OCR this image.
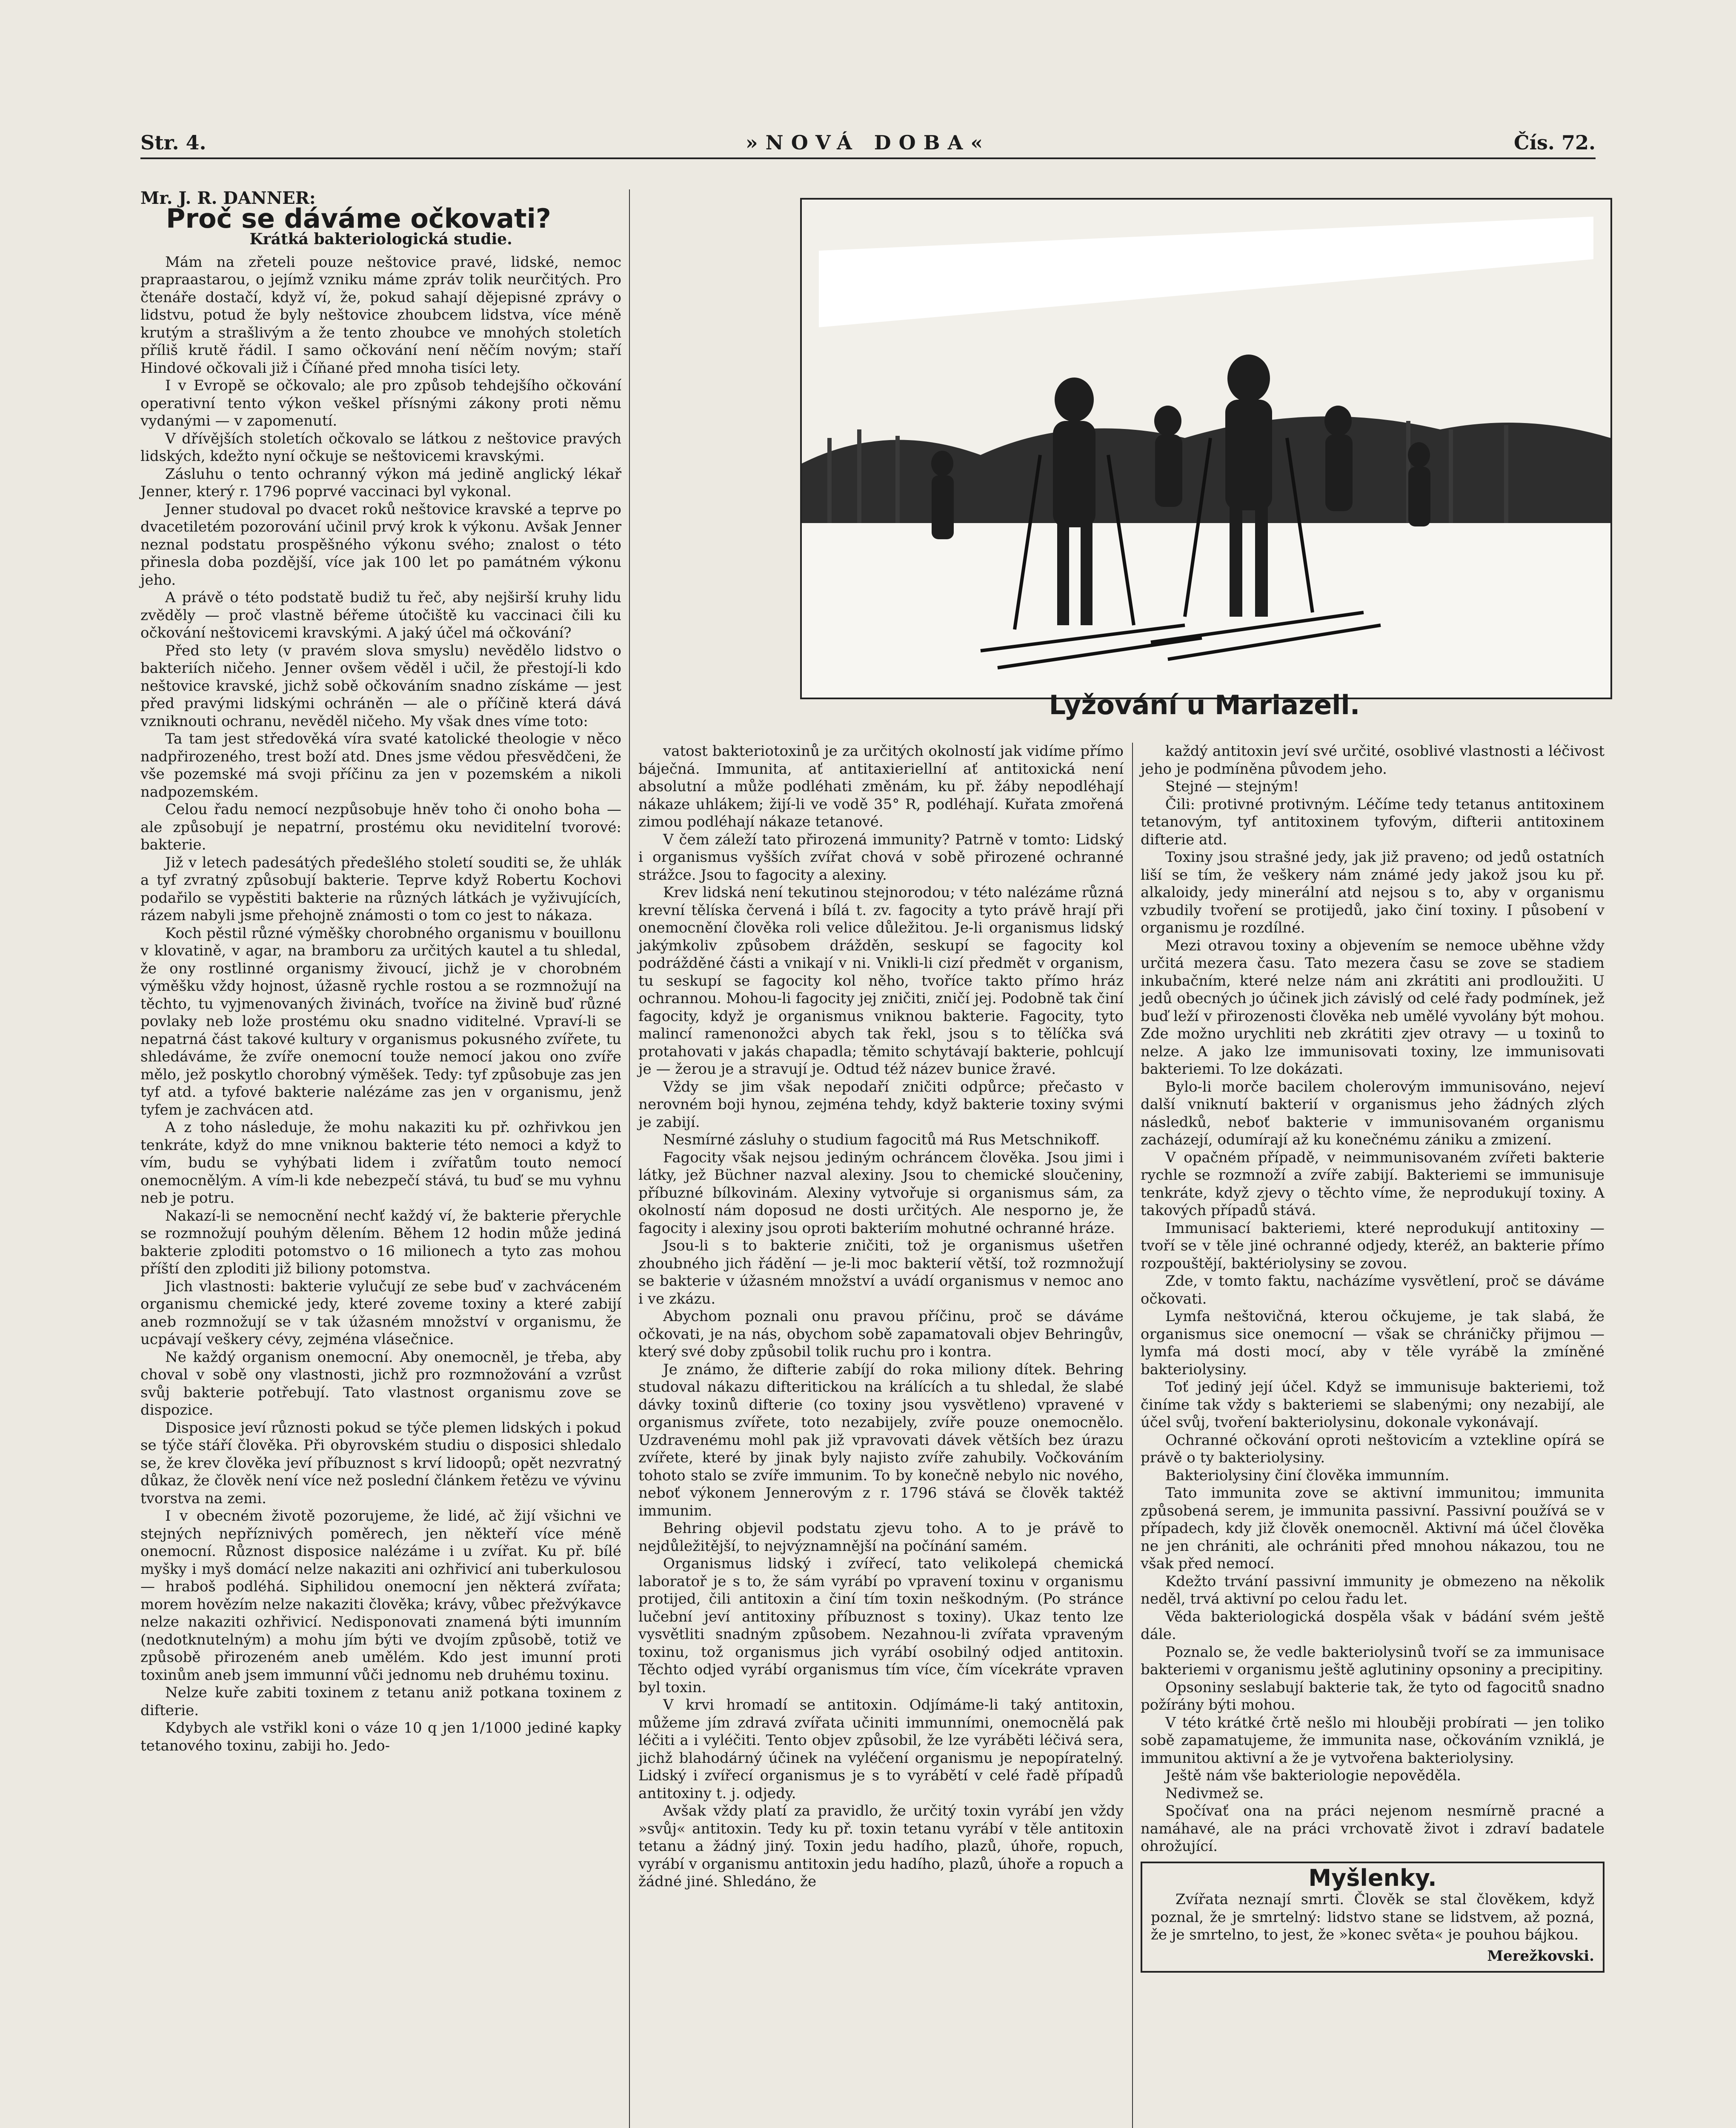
Str. 4.	»NOVÁ DOBA«	Čís. 72.
Mr. J. R. DANNER:
Proč se dáváme očkovati?
Krátká bakteriologická studie.

Mám na zřeteli pouze neštovice pravé, lidské, nemoc prapraastarou, o jejímž vzniku máme zpráv tolik neurčitých. Pro čtenáře dostačí, když ví, že, pokud sahají dějepisné zprávy o lidstvu, potud že byly neštovice zhoubcem lidstva, více méně krutým a strašlivým a že tento zhoubce ve mnohých stoletích příliš krutě řádil. I samo očkování není něčím novým; staří Hindové očkovali již i Číňané před mnoha tisíci lety.

I v Evropě se očkovalo; ale pro způsob tehdejšího očkování operativní tento výkon veškel přísnými zákony proti němu vydanými — v zapomenutí.

V dřívějších stoletích očkovalo se látkou z neštovice pravých lidských, kdežto nyní očkuje se neštovicemi kravskými.

Zásluhu o tento ochranný výkon má jedině anglický lékař Jenner, který r. 1796 poprvé vaccinaci byl vykonal.

Jenner studoval po dvacet roků neštovice kravské a teprve po dvacetiletém pozorování učinil prvý krok k výkonu. Avšak Jenner neznal podstatu prospěšného výkonu svého; znalost o této přinesla doba pozdější, více jak 100 let po památném výkonu jeho.

A právě o této podstatě budiž tu řeč, aby nejširší kruhy lidu zvěděly — proč vlastně béřeme útočiště ku vaccinaci čili ku očkování neštovicemi kravskými. A jaký účel má očkování?

Před sto lety (v pravém slova smyslu) nevědělo lidstvo o bakteriích ničeho. Jenner ovšem věděl i učil, že přestojí-li kdo neštovice kravské, jichž sobě očkováním snadno získáme — jest před pravými lidskými ochráněn — ale o příčině která dává vzniknouti ochranu, nevěděl ničeho. My však dnes víme toto:

Ta tam jest středověká víra svaté katolické theologie v něco nadpřirozeného, trest boží atd. Dnes jsme vědou přesvědčeni, že vše pozemské má svoji příčinu za jen v pozemském a nikoli nadpozemském.

Celou řadu nemocí nezpůsobuje hněv toho či onoho boha — ale způsobují je nepatrní, prostému oku neviditelní tvorové: bakterie.

Již v letech padesátých předešlého století souditi se, že uhlák a tyf zvratný způsobují bakterie. Teprve když Robertu Kochovi podařilo se vypěstiti bakterie na různých látkách je vyživujících, rázem nabyli jsme přehojně známosti o tom co jest to nákaza.

Koch pěstil různé výměšky chorobného organismu v bouillonu v klovatině, v agar, na bramboru za určitých kautel a tu shledal, že ony rostlinné organismy živoucí, jichž je v chorobném výměšku vždy hojnost, úžasně rychle rostou a se rozmnožují na těchto, tu vyjmenovaných živinách, tvoříce na živině buď různé povlaky neb lože prostému oku snadno viditelné. Vpraví-li se nepatrná část takové kultury v organismus pokusného zvířete, tu shledáváme, že zvíře onemocní touže nemocí jakou ono zvíře mělo, jež poskytlo chorobný výměšek. Tedy: tyf způsobuje zas jen tyf atd. a tyfové bakterie nalézáme zas jen v organismu, jenž tyfem je zachvácen atd.

A z toho následuje, že mohu nakaziti ku př. ozhřivkou jen tenkráte, když do mne vniknou bakterie této nemoci a když to vím, budu se vyhýbati lidem i zvířatům touto nemocí onemocnělým. A vím-li kde nebezpečí stává, tu buď se mu vyhnu neb je potru.

Nakazí-li se nemocnění nechť každý ví, že bakterie přerychle se rozmnožují pouhým dělením. Během 12 hodin může jediná bakterie zploditi potomstvo o 16 milionech a tyto zas mohou příští den zploditi již biliony potomstva.

Jich vlastnosti: bakterie vylučují ze sebe buď v zachváceném organismu chemické jedy, které zoveme toxiny a které zabijí aneb rozmnožují se v tak úžasném množství v organismu, že ucpávají veškery cévy, zejména vlásečnice.

Ne každý organism onemocní. Aby onemocněl, je třeba, aby choval v sobě ony vlastnosti, jichž pro rozmnožování a vzrůst svůj bakterie potřebují. Tato vlastnost organismu zove se dispozice.

Disposice jeví různosti pokud se týče plemen lidských i pokud se týče stáří člověka. Při obyrovském studiu o disposici shledalo se, že krev člověka jeví příbuznost s krví lidoopů; opět nezvratný důkaz, že člověk není více než poslední článkem řetězu ve vývinu tvorstva na zemi.

I v obecném životě pozorujeme, že lidé, ač žijí všichni ve stejných nepříznivých poměrech, jen někteří více méně onemocní. Různost disposice nalézáme i u zvířat. Ku př. bílé myšky i myš domácí nelze nakaziti ani ozhřivicí ani tuberkulosou — hraboš podléhá. Siphilidou onemocní jen některá zvířata; morem hovězím nelze nakaziti člověka; krávy, vůbec přežvýkavce nelze nakaziti ozhřivicí. Nedisponovati znamená býti imunním (nedotknutelným) a mohu jím býti ve dvojím způsobě, totiž ve způsobě přirozeném aneb umělém. Kdo jest imunní proti toxinům aneb jsem immunní vůči jednomu neb druhému toxinu.

Nelze kuře zabiti toxinem z tetanu aniž potkana toxinem z difterie.

Kdybych ale vstřikl koni o váze 10 q jen 1/1000 jediné kapky tetanového toxinu, zabiji ho. Jedo-

Lyžování u Mariazell.

vatost bakteriotoxinů je za určitých okolností jak vidíme přímo báječná. Immunita, ať antitaxieriellní ať antitoxická není absolutní a může podléhati změnám, ku př. žáby nepodléhají nákaze uhlákem; žijí-li ve vodě 35° R, podléhají. Kuřata zmořená zimou podléhají nákaze tetanové.

V čem záleží tato přirozená immunity? Patrně v tomto: Lidský i organismus vyšších zvířat chová v sobě přirozené ochranné strážce. Jsou to fagocity a alexiny.

Krev lidská není tekutinou stejnorodou; v této nalézáme různá krevní tělíska červená i bílá t. zv. fagocity a tyto právě hrají při onemocnění člověka roli velice důležitou. Je-li organismus lidský jakýmkoliv způsobem drážděn, seskupí se fagocity kol podrážděné části a vnikají v ni. Vnikli-li cizí předmět v organism, tu seskupí se fagocity kol něho, tvoříce takto přímo hráz ochrannou. Mohou-li fagocity jej zničiti, zničí jej. Podobně tak činí fagocity, když je organismus vniknou bakterie. Fagocity, tyto malincí ramenonožci abych tak řekl, jsou s to tělíčka svá protahovati v jakás chapadla; těmito schytávají bakterie, pohlcují je — žerou je a stravují je. Odtud též název bunice žravé.

Vždy se jim však nepodaří zničiti odpůrce; přečasto v nerovném boji hynou, zejména tehdy, když bakterie toxiny svými je zabijí.

Nesmírné zásluhy o studium fagocitů má Rus Metschnikoff.

Fagocity však nejsou jediným ochráncem člověka. Jsou jimi i látky, jež Büchner nazval alexiny. Jsou to chemické sloučeniny, příbuzné bílkovinám. Alexiny vytvořuje si organismus sám, za okolností nám doposud ne dosti určitých. Ale nesporno je, že fagocity i alexiny jsou oproti bakteriím mohutné ochranné hráze.

Jsou-li s to bakterie zničiti, tož je organismus ušetřen zhoubného jich řádění — je-li moc bakterií větší, tož rozmnožují se bakterie v úžasném množství a uvádí organismus v nemoc ano i ve zkázu.

Abychom poznali onu pravou příčinu, proč se dáváme očkovati, je na nás, obychom sobě zapamatovali objev Behringův, který své doby způsobil tolik ruchu pro i kontra.

Je známo, že difterie zabíjí do roka miliony dítek. Behring studoval nákazu difteritickou na králících a tu shledal, že slabé dávky toxinů difterie (co toxiny jsou vysvětleno) vpravené v organismus zvířete, toto nezabijely, zvíře pouze onemocnělo. Uzdravenému mohl pak již vpravovati dávek větších bez úrazu zvířete, které by jinak byly najisto zvíře zahubily. Vočkováním tohoto stalo se zvíře immunim. To by konečně nebylo nic nového, neboť výkonem Jennerovým z r. 1796 stává se člověk taktéž immunim.

Behring objevil podstatu zjevu toho. A to je právě to nejdůležitější, to nejvýznamnější na počínání samém.

Organismus lidský i zvířecí, tato velikolepá chemická laboratoř je s to, že sám vyrábí po vpravení toxinu v organismu protijed, čili antitoxin a činí tím toxin neškodným. (Po stránce lučební jeví antitoxiny příbuznost s toxiny). Ukaz tento lze vysvětliti snadným způsobem. Nezahnou-li zvířata vpraveným toxinu, tož organismus jich vyrábí osobilný odjed antitoxin. Těchto odjed vyrábí organismus tím více, čím vícekráte vpraven byl toxin.

V krvi hromadí se antitoxin. Odjímáme-li taký antitoxin, můžeme jím zdravá zvířata učiniti immunními, onemocnělá pak léčiti a i vyléčiti. Tento objev způsobil, že lze vyráběti léčivá sera, jichž blahodárný účinek na vyléčení organismu je nepopíratelný. Lidský i zvířecí organismus je s to vyrábětí v celé řadě případů antitoxiny t. j. odjedy.

Avšak vždy platí za pravidlo, že určitý toxin vyrábí jen vždy »svůj« antitoxin. Tedy ku př. toxin tetanu vyrábí v těle antitoxin tetanu a žádný jiný. Toxin jedu hadího, plazů, úhoře, ropuch, vyrábí v organismu antitoxin jedu hadího, plazů, úhoře a ropuch a žádné jiné. Shledáno, že

každý antitoxin jeví své určité, osoblivé vlastnosti a léčivost jeho je podmíněna původem jeho.

Stejné — stejným!

Čili: protivné protivným. Léčíme tedy tetanus antitoxinem tetanovým, tyf antitoxinem tyfovým, difterii antitoxinem difterie atd.

Toxiny jsou strašné jedy, jak již praveno; od jedů ostatních liší se tím, že veškery nám známé jedy jakož jsou ku př. alkaloidy, jedy minerální atd nejsou s to, aby v organismu vzbudily tvoření se protijedů, jako činí toxiny. I působení v organismu je rozdílné.

Mezi otravou toxiny a objevením se nemoce uběhne vždy určitá mezera času. Tato mezera času se zove se stadiem inkubačním, které nelze nám ani zkrátiti ani prodloužiti. U jedů obecných jo účinek jich závislý od celé řady podmínek, jež buď leží v přirozenosti člověka neb umělé vyvolány být mohou. Zde možno urychliti neb zkrátiti zjev otravy — u toxinů to nelze. A jako lze immunisovati toxiny, lze immunisovati bakteriemi. To lze dokázati.

Bylo-li morče bacilem cholerovým immunisováno, nejeví další vniknutí bakterií v organismus jeho žádných zlých následků, neboť bakterie v immunisovaném organismu zacházejí, odumírají až ku konečnému zániku a zmizení.

V opačném případě, v neimmunisovaném zvířeti bakterie rychle se rozmnoží a zvíře zabijí. Bakteriemi se immunisuje tenkráte, když zjevy o těchto víme, že neprodukují toxiny. A takových případů stává.

Immunisací bakteriemi, které neprodukují antitoxiny — tvoří se v těle jiné ochranné odjedy, kteréž, an bakterie přímo rozpouštějí, baktériolysiny se zovou.

Zde, v tomto faktu, nacházíme vysvětlení, proč se dáváme očkovati.

Lymfa neštovičná, kterou očkujeme, je tak slabá, že organismus sice onemocní — však se chráničky přijmou — lymfa má dosti mocí, aby v těle vyrábě la zmíněné bakteriolysiny.

Toť jediný její účel. Když se immunisuje bakteriemi, tož činíme tak vždy s bakteriemi se slabenými; ony nezabijí, ale účel svůj, tvoření bakteriolysinu, dokonale vykonávají.

Ochranné očkování oproti neštovicím a vztekline opírá se právě o ty bakteriolysiny.

Bakteriolysiny činí člověka immunním.

Tato immunita zove se aktivní immunitou; immunita způsobená serem, je immunita passivní. Passivní používá se v případech, kdy již člověk onemocněl. Aktivní má účel člověka ne jen chrániti, ale ochrániti před mnohou nákazou, tou ne však před nemocí.

Kdežto trvání passivní immunity je obmezeno na několik neděl, trvá aktivní po celou řadu let.

Věda bakteriologická dospěla však v bádání svém ještě dále.

Poznalo se, že vedle bakteriolysinů tvoří se za immunisace bakteriemi v organismu ještě aglutininy opsoniny a precipitiny.

Opsoniny seslabují bakterie tak, že tyto od fagocitů snadno požírány býti mohou.

V této krátké črtě nešlo mi hlouběji probírati — jen toliko sobě zapamatujeme, že immunita nase, očkováním vzniklá, je immunitou aktivní a že je vytvořena bakteriolysiny.

Ještě nám vše bakteriologie nepověděla.

Nedivmež se.

Spočívať ona na práci nejenom nesmírně pracné a namáhavé, ale na práci vrchovatě život i zdraví badatele ohrožující.

Myšlenky.

Zvířata neznají smrti. Člověk se stal člověkem, když poznal, že je smrtelný: lidstvo stane se lidstvem, až pozná, že je smrtelno, to jest, že »konec světa« je pouhou bájkou.

Merežkovski.
